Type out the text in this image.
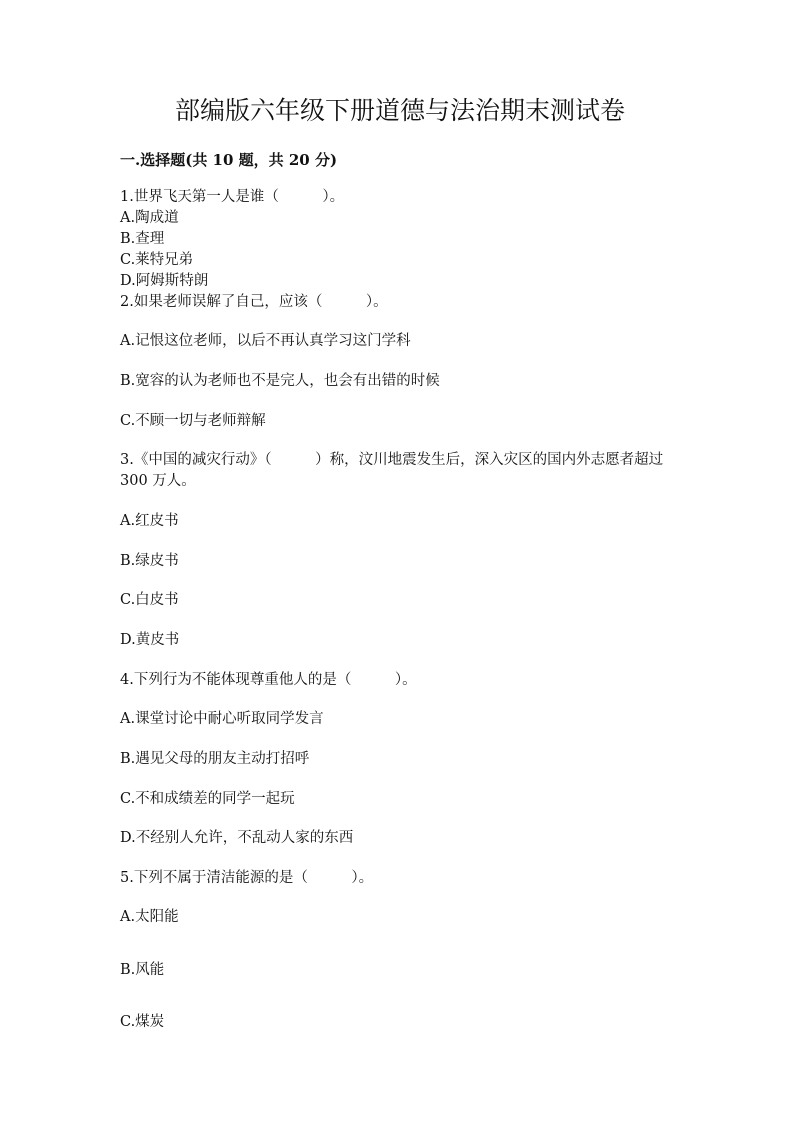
部编版六年级下册道德与法治期末测试卷
一.选择题(共 10 题，共 20 分)
1.世界飞天第一人是谁（　　　）。
A.陶成道
B.查理
C.莱特兄弟
D.阿姆斯特朗
2.如果老师误解了自己，应该（　　　）。
A.记恨这位老师，以后不再认真学习这门学科
B.宽容的认为老师也不是完人，也会有出错的时候
C.不顾一切与老师辩解
3.《中国的减灾行动》（　　　）称，汶川地震发生后，深入灾区的国内外志愿者超过 300 万人。
A.红皮书
B.绿皮书
C.白皮书
D.黄皮书
4.下列行为不能体现尊重他人的是（　　　）。
A.课堂讨论中耐心听取同学发言
B.遇见父母的朋友主动打招呼
C.不和成绩差的同学一起玩
D.不经别人允许，不乱动人家的东西
5.下列不属于清洁能源的是（　　　）。
A.太阳能
B.风能
C.煤炭
